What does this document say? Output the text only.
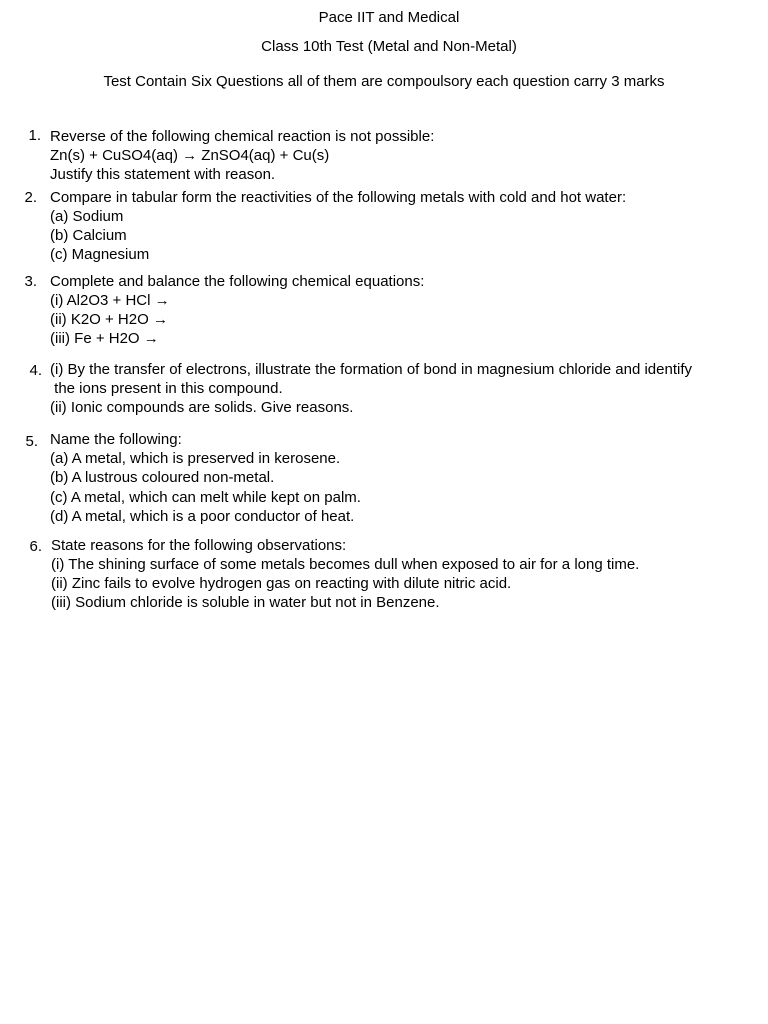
Pace IIT and Medical
Class 10th Test (Metal and Non-Metal)
Test Contain Six Questions all of them are compoulsory each question carry 3 marks
1. Reverse of the following chemical reaction is not possible:
Zn(s) + CuSO4(aq) → ZnSO4(aq) + Cu(s)
Justify this statement with reason.
2. Compare in tabular form the reactivities of the following metals with cold and hot water:
(a) Sodium
(b) Calcium
(c) Magnesium
3. Complete and balance the following chemical equations:
(i) Al2O3 + HCl →
(ii) K2O + H2O →
(iii) Fe + H2O →
4. (i) By the transfer of electrons, illustrate the formation of bond in magnesium chloride and identify
the ions present in this compound.
(ii) Ionic compounds are solids. Give reasons.
5. Name the following:
(a) A metal, which is preserved in kerosene.
(b) A lustrous coloured non-metal.
(c) A metal, which can melt while kept on palm.
(d) A metal, which is a poor conductor of heat.
6. State reasons for the following observations:
(i) The shining surface of some metals becomes dull when exposed to air for a long time.
(ii) Zinc fails to evolve hydrogen gas on reacting with dilute nitric acid.
(iii) Sodium chloride is soluble in water but not in Benzene.
